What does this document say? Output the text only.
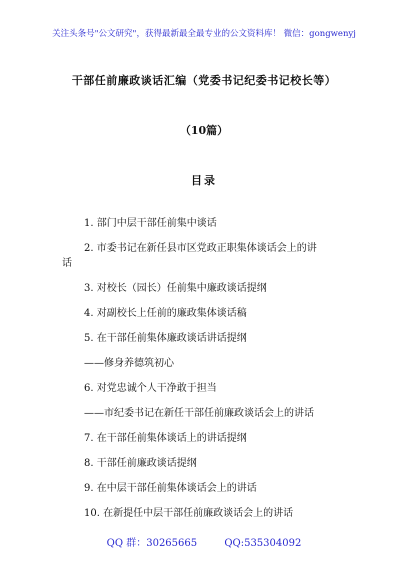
关注头条号"公文研究"，获得最新最全最专业的公文资料库！ 微信：gongwenyj
干部任前廉政谈话汇编（党委书记纪委书记校长等）
（10篇）
目录
1. 部门中层干部任前集中谈话
2. 市委书记在新任县市区党政正职集体谈话会上的讲
话
3. 对校长（园长）任前集中廉政谈话提纲
4. 对副校长上任前的廉政集体谈话稿
5. 在干部任前集体廉政谈话讲话提纲
——修身养德筑初心
6. 对党忠诚个人干净敢于担当
——市纪委书记在新任干部任前廉政谈话会上的讲话
7. 在干部任前集体谈话上的讲话提纲
8. 干部任前廉政谈话提纲
9. 在中层干部任前集体谈话会上的讲话
10. 在新提任中层干部任前廉政谈话会上的讲话
QQ 群：30265665	QQ:535304092
